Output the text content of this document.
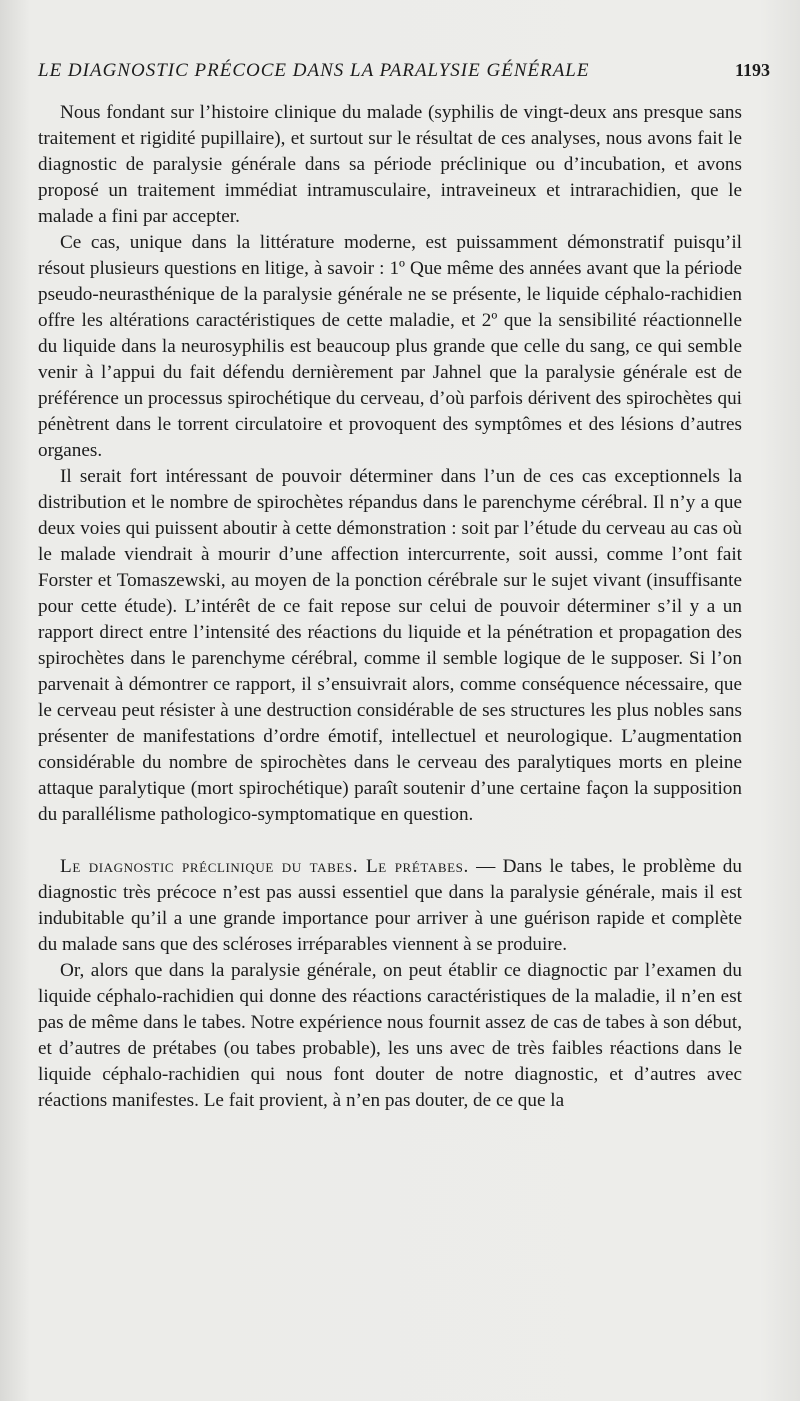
LE DIAGNOSTIC PRÉCOCE DANS LA PARALYSIE GÉNÉRALE	1193

Nous fondant sur l’histoire clinique du malade (syphilis de vingt-deux ans presque sans traitement et rigidité pupillaire), et surtout sur le résultat de ces analyses, nous avons fait le diagnostic de paralysie générale dans sa période préclinique ou d’incubation, et avons proposé un traitement immédiat intramusculaire, intraveineux et intrarachidien, que le malade a fini par accepter.

Ce cas, unique dans la littérature moderne, est puissamment démonstratif puisqu’il résout plusieurs questions en litige, à savoir : 1º Que même des années avant que la période pseudo-neurasthénique de la paralysie générale ne se présente, le liquide céphalo-rachidien offre les altérations caractéristiques de cette maladie, et 2º que la sensibilité réactionnelle du liquide dans la neurosyphilis est beaucoup plus grande que celle du sang, ce qui semble venir à l’appui du fait défendu dernièrement par Jahnel que la paralysie générale est de préférence un processus spirochétique du cerveau, d’où parfois dérivent des spirochètes qui pénètrent dans le torrent circulatoire et provoquent des symptômes et des lésions d’autres organes.

Il serait fort intéressant de pouvoir déterminer dans l’un de ces cas exceptionnels la distribution et le nombre de spirochètes répandus dans le parenchyme cérébral. Il n’y a que deux voies qui puissent aboutir à cette démonstration : soit par l’étude du cerveau au cas où le malade viendrait à mourir d’une affection intercurrente, soit aussi, comme l’ont fait Forster et Tomaszewski, au moyen de la ponction cérébrale sur le sujet vivant (insuffisante pour cette étude). L’intérêt de ce fait repose sur celui de pouvoir déterminer s’il y a un rapport direct entre l’intensité des réactions du liquide et la pénétration et propagation des spirochètes dans le parenchyme cérébral, comme il semble logique de le supposer. Si l’on parvenait à démontrer ce rapport, il s’ensuivrait alors, comme conséquence nécessaire, que le cerveau peut résister à une destruction considérable de ses structures les plus nobles sans présenter de manifestations d’ordre émotif, intellectuel et neurologique. L’augmentation considérable du nombre de spirochètes dans le cerveau des paralytiques morts en pleine attaque paralytique (mort spirochétique) paraît soutenir d’une certaine façon la supposition du parallélisme pathologico-symptomatique en question.

Le diagnostic préclinique du tabes. Le prétabes. — Dans le tabes, le problème du diagnostic très précoce n’est pas aussi essentiel que dans la paralysie générale, mais il est indubitable qu’il a une grande importance pour arriver à une guérison rapide et complète du malade sans que des scléroses irréparables viennent à se produire.

Or, alors que dans la paralysie générale, on peut établir ce diagnoctic par l’examen du liquide céphalo-rachidien qui donne des réactions caractéristiques de la maladie, il n’en est pas de même dans le tabes. Notre expérience nous fournit assez de cas de tabes à son début, et d’autres de prétabes (ou tabes probable), les uns avec de très faibles réactions dans le liquide céphalo-rachidien qui nous font douter de notre diagnostic, et d’autres avec réactions manifestes. Le fait provient, à n’en pas douter, de ce que la
